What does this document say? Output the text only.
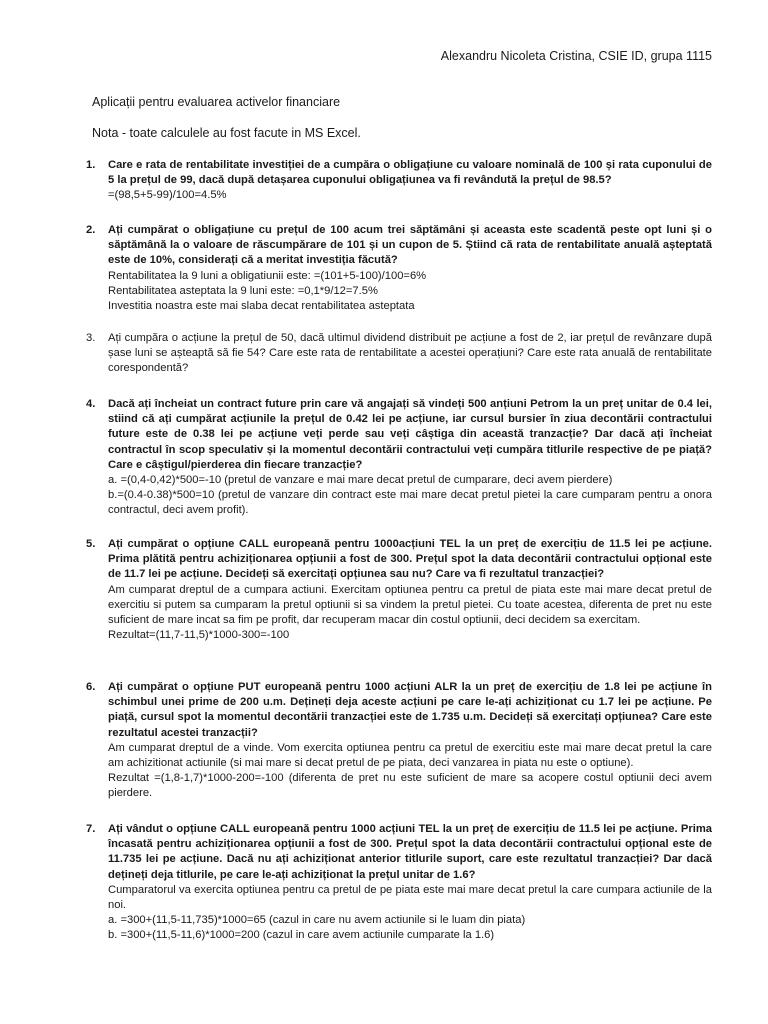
Alexandru Nicoleta Cristina, CSIE ID, grupa 1115
Aplicații pentru evaluarea activelor financiare
Nota - toate calculele au fost facute in MS Excel.
1. Care e rata de rentabilitate investiției de a cumpăra o obligațiune cu valoare nominală de 100 și rata cuponului de 5 la prețul de 99, dacă după detașarea cuponului obligațiunea va fi revândută la prețul de 98.5?
=(98,5+5-99)/100=4.5%
2. Ați cumpărat o obligațiune cu prețul de 100 acum trei săptămâni și aceasta este scadentă peste opt luni și o săptămână la o valoare de răscumpărare de 101 și un cupon de 5. Știind că rata de rentabilitate anuală așteptată este de 10%, considerați că a meritat investiția făcută?
Rentabilitatea la 9 luni a obligatiunii este: =(101+5-100)/100=6%
Rentabilitatea asteptata la 9 luni este: =0,1*9/12=7.5%
Investitia noastra este mai slaba decat rentabilitatea asteptata
3. Ați cumpăra o acțiune la prețul de 50, dacă ultimul dividend distribuit pe acțiune a fost de 2, iar prețul de revânzare după șase luni se așteaptă să fie 54? Care este rata de rentabilitate a acestei operațiuni? Care este rata anuală de rentabilitate corespondentă?
4. Dacă ați încheiat un contract future prin care vă angajați să vindeți 500 anțiuni Petrom la un preț unitar de 0.4 lei, stiind că ați cumpărat acțiunile la prețul de 0.42 lei pe acțiune, iar cursul bursier în ziua decontării contractului future este de 0.38 lei pe acțiune veți perde sau veți câștiga din această tranzacție? Dar dacă ați încheiat contractul în scop speculativ și la momentul decontării contractului veți cumpăra titlurile respective de pe piață? Care e câștigul/pierderea din fiecare tranzacție?
a. =(0,4-0,42)*500=-10 (pretul de vanzare e mai mare decat pretul de cumparare, deci avem pierdere)
b.=(0.4-0.38)*500=10 (pretul de vanzare din contract este mai mare decat pretul pietei la care cumparam pentru a onora contractul, deci avem profit).
5. Ați cumpărat o opțiune CALL europeană pentru 1000acțiuni TEL la un preț de exercițiu de 11.5 lei pe acțiune. Prima plătită pentru achiziționarea opțiunii a fost de 300. Prețul spot la data decontării contractului opțional este de 11.7 lei pe acțiune. Decideți să exercitați opțiunea sau nu? Care va fi rezultatul tranzacției?
Am cumparat dreptul de a cumpara actiuni. Exercitam optiunea pentru ca pretul de piata este mai mare decat pretul de exercitiu si putem sa cumparam la pretul optiunii si sa vindem la pretul pietei. Cu toate acestea, diferenta de pret nu este suficient de mare incat sa fim pe profit, dar recuperam macar din costul optiunii, deci decidem sa exercitam.
Rezultat=(11,7-11,5)*1000-300=-100
6. Ați cumpărat o opțiune PUT europeană pentru 1000 acțiuni ALR la un preț de exercițiu de 1.8 lei pe acțiune în schimbul unei prime de 200 u.m. Dețineți deja aceste acțiuni pe care le-ați achiziționat cu 1.7 lei pe acțiune. Pe piață, cursul spot la momentul decontării tranzacției este de 1.735 u.m. Decideți să exercitați opțiunea? Care este rezultatul acestei tranzacții?
Am cumparat dreptul de a vinde. Vom exercita optiunea pentru ca pretul de exercitiu este mai mare decat pretul la care am achizitionat actiunile (si mai mare si decat pretul de pe piata, deci vanzarea in piata nu este o optiune).
Rezultat =(1,8-1,7)*1000-200=-100 (diferenta de pret nu este suficient de mare sa acopere costul optiunii deci avem pierdere.
7. Ați vândut o opțiune CALL europeană pentru 1000 acțiuni TEL la un preț de exercițiu de 11.5 lei pe acțiune. Prima încasată pentru achiziționarea opțiunii a fost de 300. Prețul spot la data decontării contractului opțional este de 11.735 lei pe acțiune. Dacă nu ați achiziționat anterior titlurile suport, care este rezultatul tranzacției? Dar dacă dețineți deja titlurile, pe care le-ați achiziționat la prețul unitar de 1.6?
Cumparatorul va exercita optiunea pentru ca pretul de pe piata este mai mare decat pretul la care cumpara actiunile de la noi.
a. =300+(11,5-11,735)*1000=65 (cazul in care nu avem actiunile si le luam din piata)
b. =300+(11,5-11,6)*1000=200 (cazul in care avem actiunile cumparate la 1.6)
